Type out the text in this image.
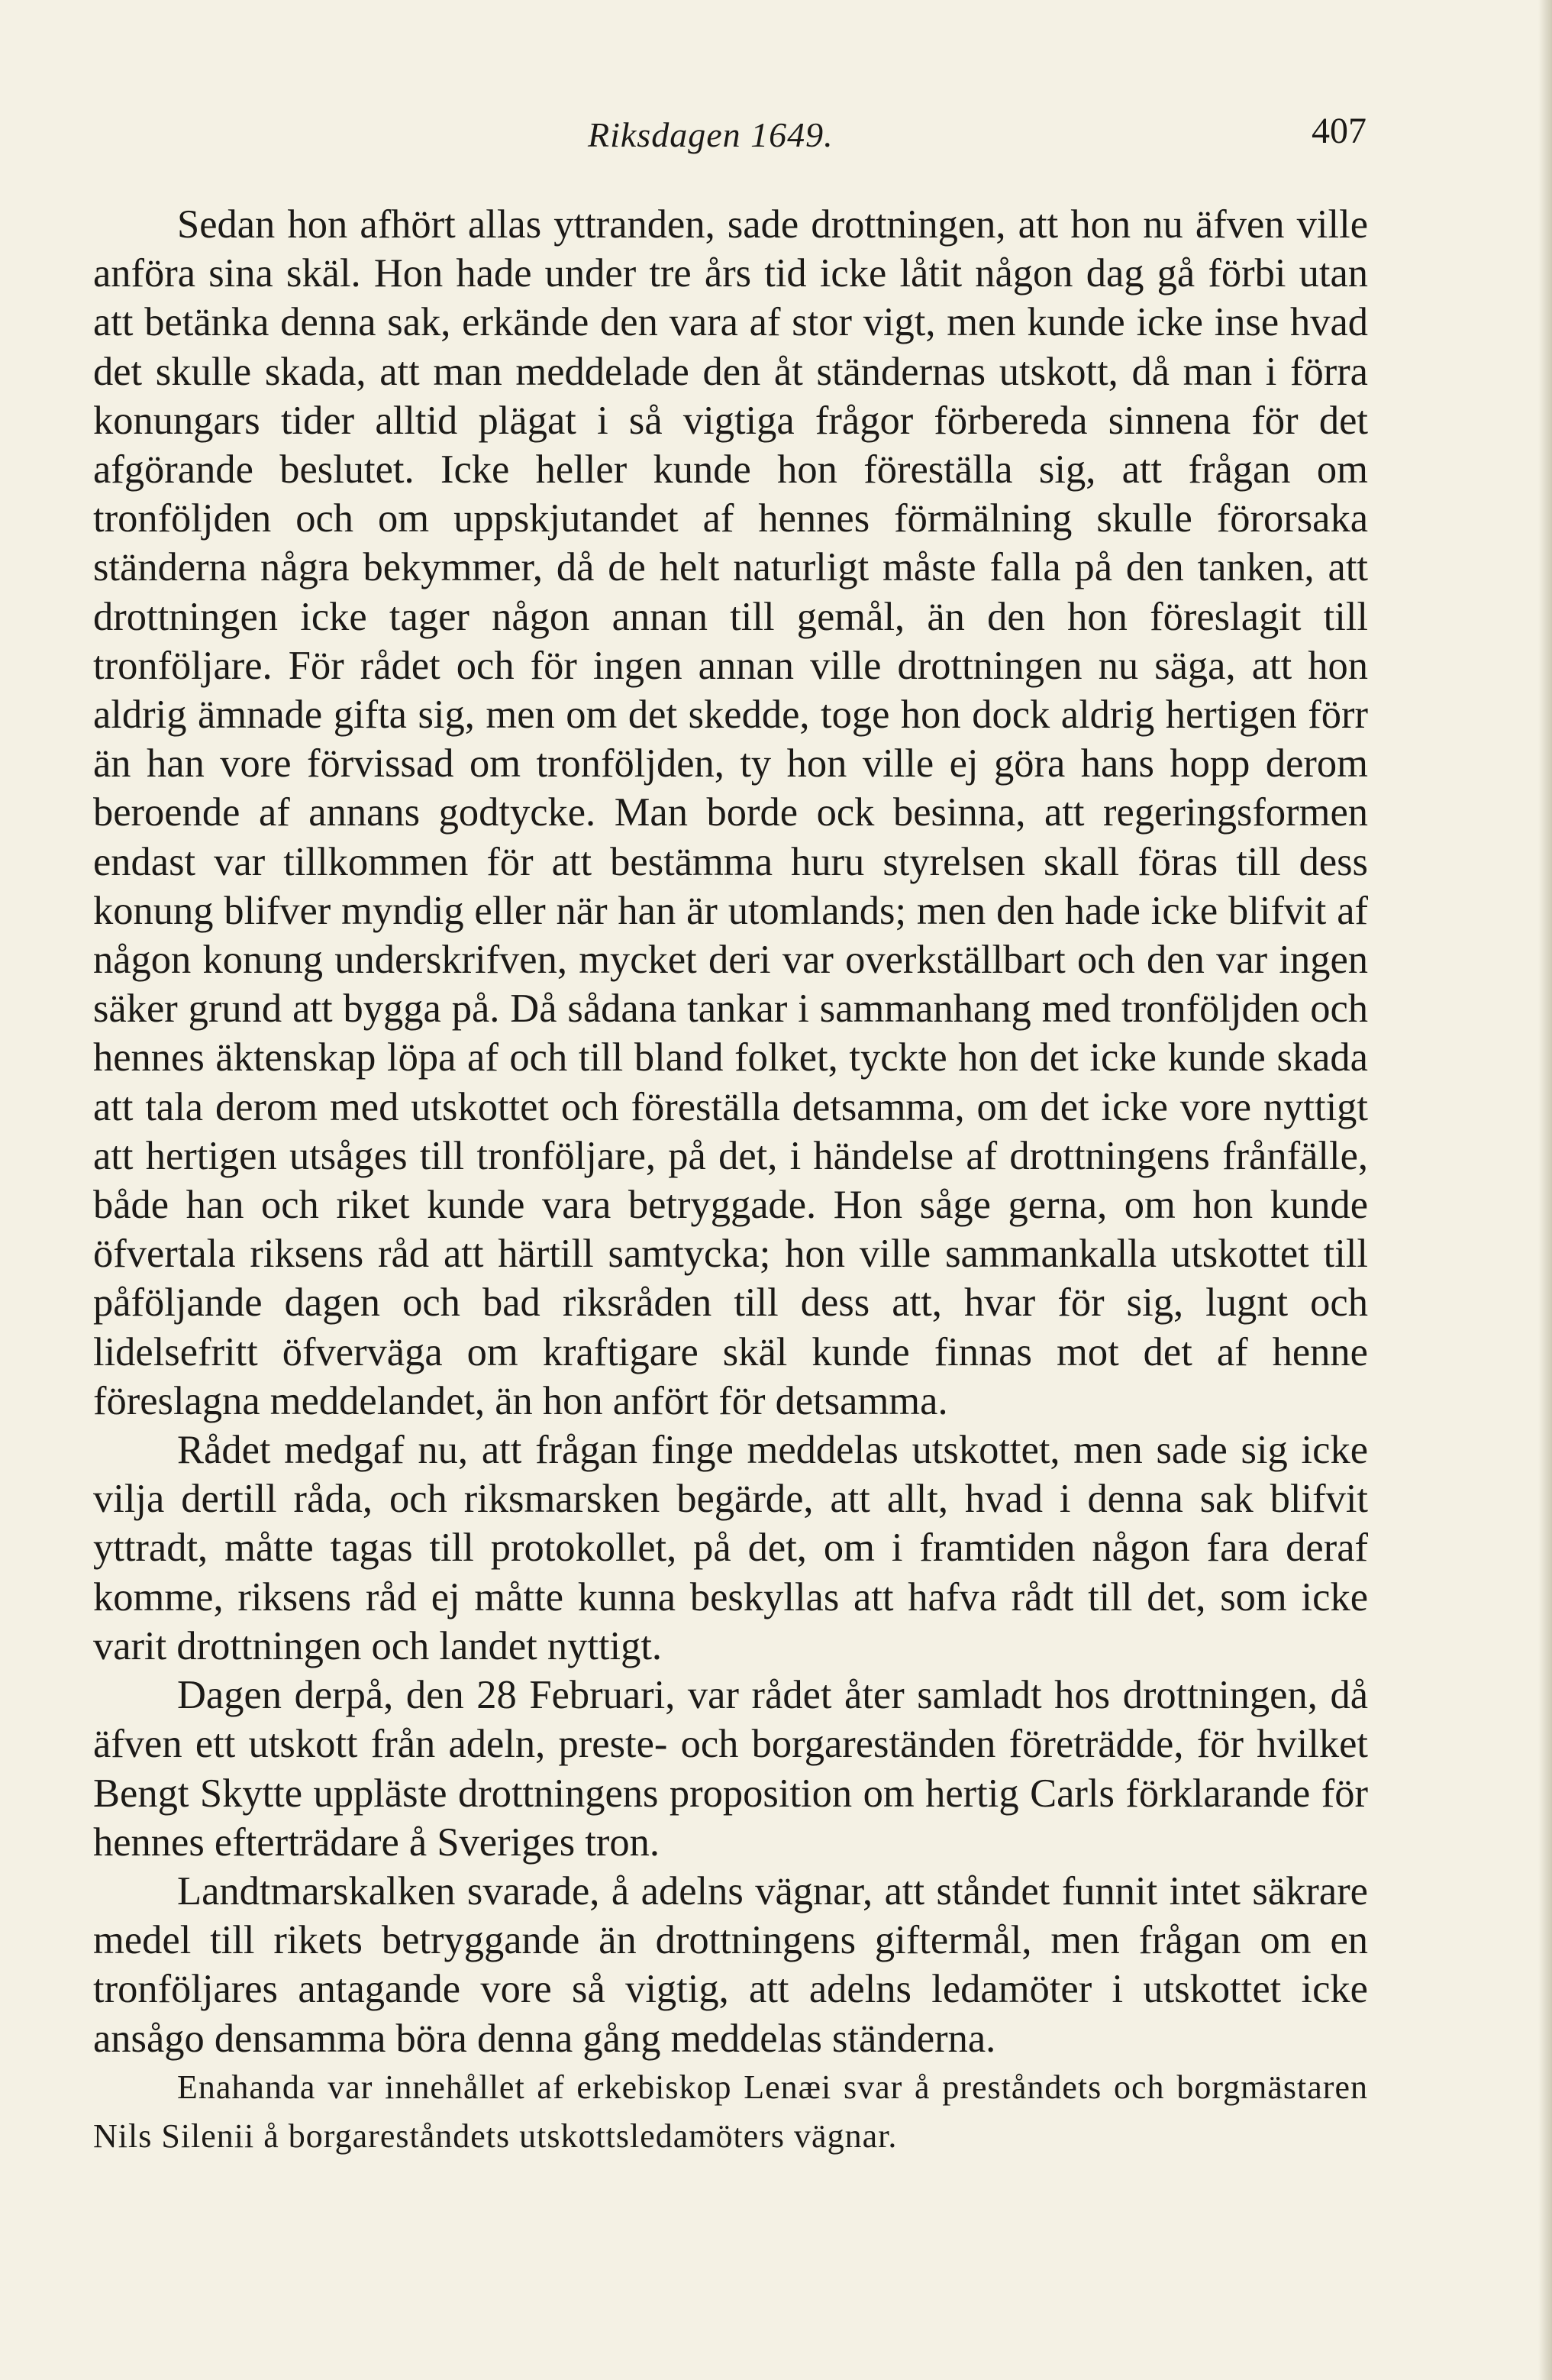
Riksdagen 1649.	407

Sedan hon afhört allas yttranden, sade drottningen, att hon nu äfven ville anföra sina skäl. Hon hade under tre års tid icke låtit någon dag gå förbi utan att betänka denna sak, erkände den vara af stor vigt, men kunde icke inse hvad det skulle skada, att man meddelade den åt ständernas utskott, då man i förra konungars tider alltid plägat i så vigtiga frågor förbereda sinnena för det afgörande beslutet. Icke heller kunde hon föreställa sig, att frågan om tronföljden och om uppskjutandet af hennes förmälning skulle förorsaka ständerna några bekymmer, då de helt naturligt måste falla på den tanken, att drottningen icke tager någon annan till gemål, än den hon föreslagit till tronföljare. För rådet och för ingen annan ville drottningen nu säga, att hon aldrig ämnade gifta sig, men om det skedde, toge hon dock aldrig hertigen förr än han vore förvissad om tronföljden, ty hon ville ej göra hans hopp derom beroende af annans godtycke. Man borde ock besinna, att regeringsformen endast var tillkommen för att bestämma huru styrelsen skall föras till dess konung blifver myndig eller när han är utomlands; men den hade icke blifvit af någon konung underskrifven, mycket deri var overkställbart och den var ingen säker grund att bygga på. Då sådana tankar i sammanhang med tronföljden och hennes äktenskap löpa af och till bland folket, tyckte hon det icke kunde skada att tala derom med utskottet och föreställa detsamma, om det icke vore nyttigt att hertigen utsåges till tronföljare, på det, i händelse af drottningens frånfälle, både han och riket kunde vara betryggade. Hon såge gerna, om hon kunde öfvertala riksens råd att härtill samtycka; hon ville sammankalla utskottet till påföljande dagen och bad riksråden till dess att, hvar för sig, lugnt och lidelsefritt öfverväga om kraftigare skäl kunde finnas mot det af henne föreslagna meddelandet, än hon anfört för detsamma.

Rådet medgaf nu, att frågan finge meddelas utskottet, men sade sig icke vilja dertill råda, och riksmarsken begärde, att allt, hvad i denna sak blifvit yttradt, måtte tagas till protokollet, på det, om i framtiden någon fara deraf komme, riksens råd ej måtte kunna beskyllas att hafva rådt till det, som icke varit drottningen och landet nyttigt.

Dagen derpå, den 28 Februari, var rådet åter samladt hos drottningen, då äfven ett utskott från adeln, preste- och borgareständen företrädde, för hvilket Bengt Skytte uppläste drottningens proposition om hertig Carls förklarande för hennes efterträdare å Sveriges tron.

Landtmarskalken svarade, å adelns vägnar, att ståndet funnit intet säkrare medel till rikets betryggande än drottningens giftermål, men frågan om en tronföljares antagande vore så vigtig, att adelns ledamöter i utskottet icke ansågo densamma böra denna gång meddelas ständerna.

Enahanda var innehållet af erkebiskop Lenæi svar å preståndets och borgmästaren Nils Silenii å borgareståndets utskottsledamöters vägnar.
